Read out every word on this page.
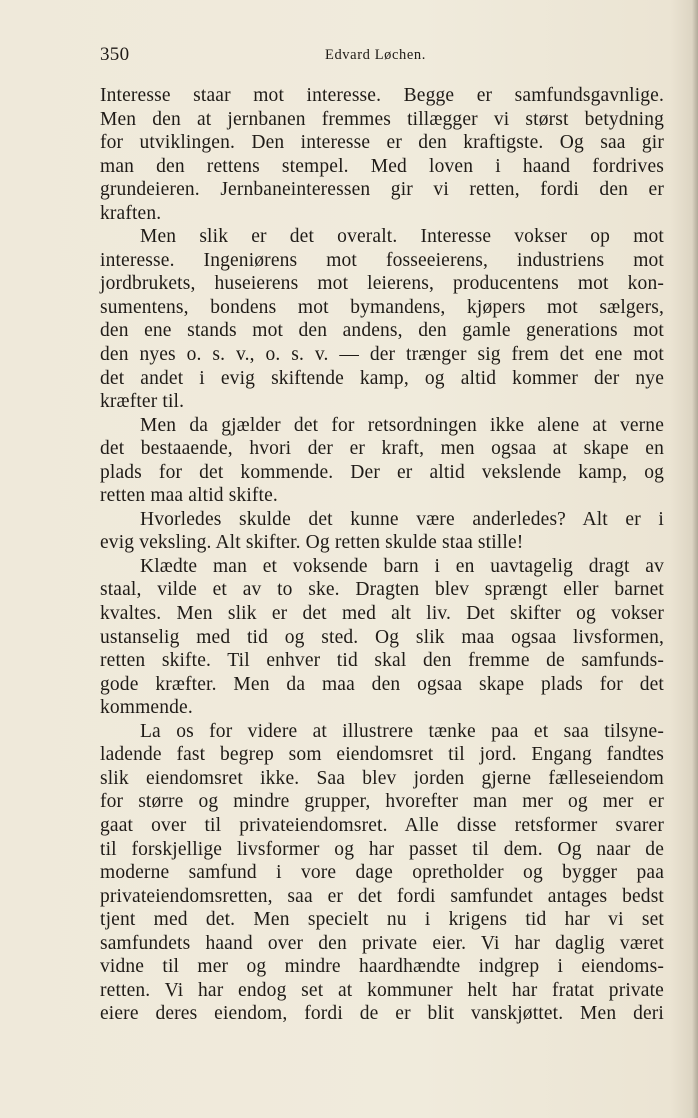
350	Edvard Løchen.
Interesse staar mot interesse. Begge er samfundsgavnlige.
Men den at jernbanen fremmes tillægger vi størst betydning
for utviklingen. Den interesse er den kraftigste. Og saa gir
man den rettens stempel. Med loven i haand fordrives
grundeieren. Jernbaneinteressen gir vi retten, fordi den er
kraften.
Men slik er det overalt. Interesse vokser op mot
interesse. Ingeniørens mot fosseeierens, industriens mot
jordbrukets, huseierens mot leierens, producentens mot kon-
sumentens, bondens mot bymandens, kjøpers mot sælgers,
den ene stands mot den andens, den gamle generations mot
den nyes o. s. v., o. s. v. — der trænger sig frem det ene mot
det andet i evig skiftende kamp, og altid kommer der nye
kræfter til.
Men da gjælder det for retsordningen ikke alene at verne
det bestaaende, hvori der er kraft, men ogsaa at skape en
plads for det kommende. Der er altid vekslende kamp, og
retten maa altid skifte.
Hvorledes skulde det kunne være anderledes? Alt er i
evig veksling. Alt skifter. Og retten skulde staa stille!
Klædte man et voksende barn i en uavtagelig dragt av
staal, vilde et av to ske. Dragten blev sprængt eller barnet
kvaltes. Men slik er det med alt liv. Det skifter og vokser
ustanselig med tid og sted. Og slik maa ogsaa livsformen,
retten skifte. Til enhver tid skal den fremme de samfunds-
gode kræfter. Men da maa den ogsaa skape plads for det
kommende.
La os for videre at illustrere tænke paa et saa tilsyne-
ladende fast begrep som eiendomsret til jord. Engang fandtes
slik eiendomsret ikke. Saa blev jorden gjerne fælleseiendom
for større og mindre grupper, hvorefter man mer og mer er
gaat over til privateiendomsret. Alle disse retsformer svarer
til forskjellige livsformer og har passet til dem. Og naar de
moderne samfund i vore dage opretholder og bygger paa
privateiendomsretten, saa er det fordi samfundet antages bedst
tjent med det. Men specielt nu i krigens tid har vi set
samfundets haand over den private eier. Vi har daglig været
vidne til mer og mindre haardhændte indgrep i eiendoms-
retten. Vi har endog set at kommuner helt har fratat private
eiere deres eiendom, fordi de er blit vanskjøttet. Men deri
